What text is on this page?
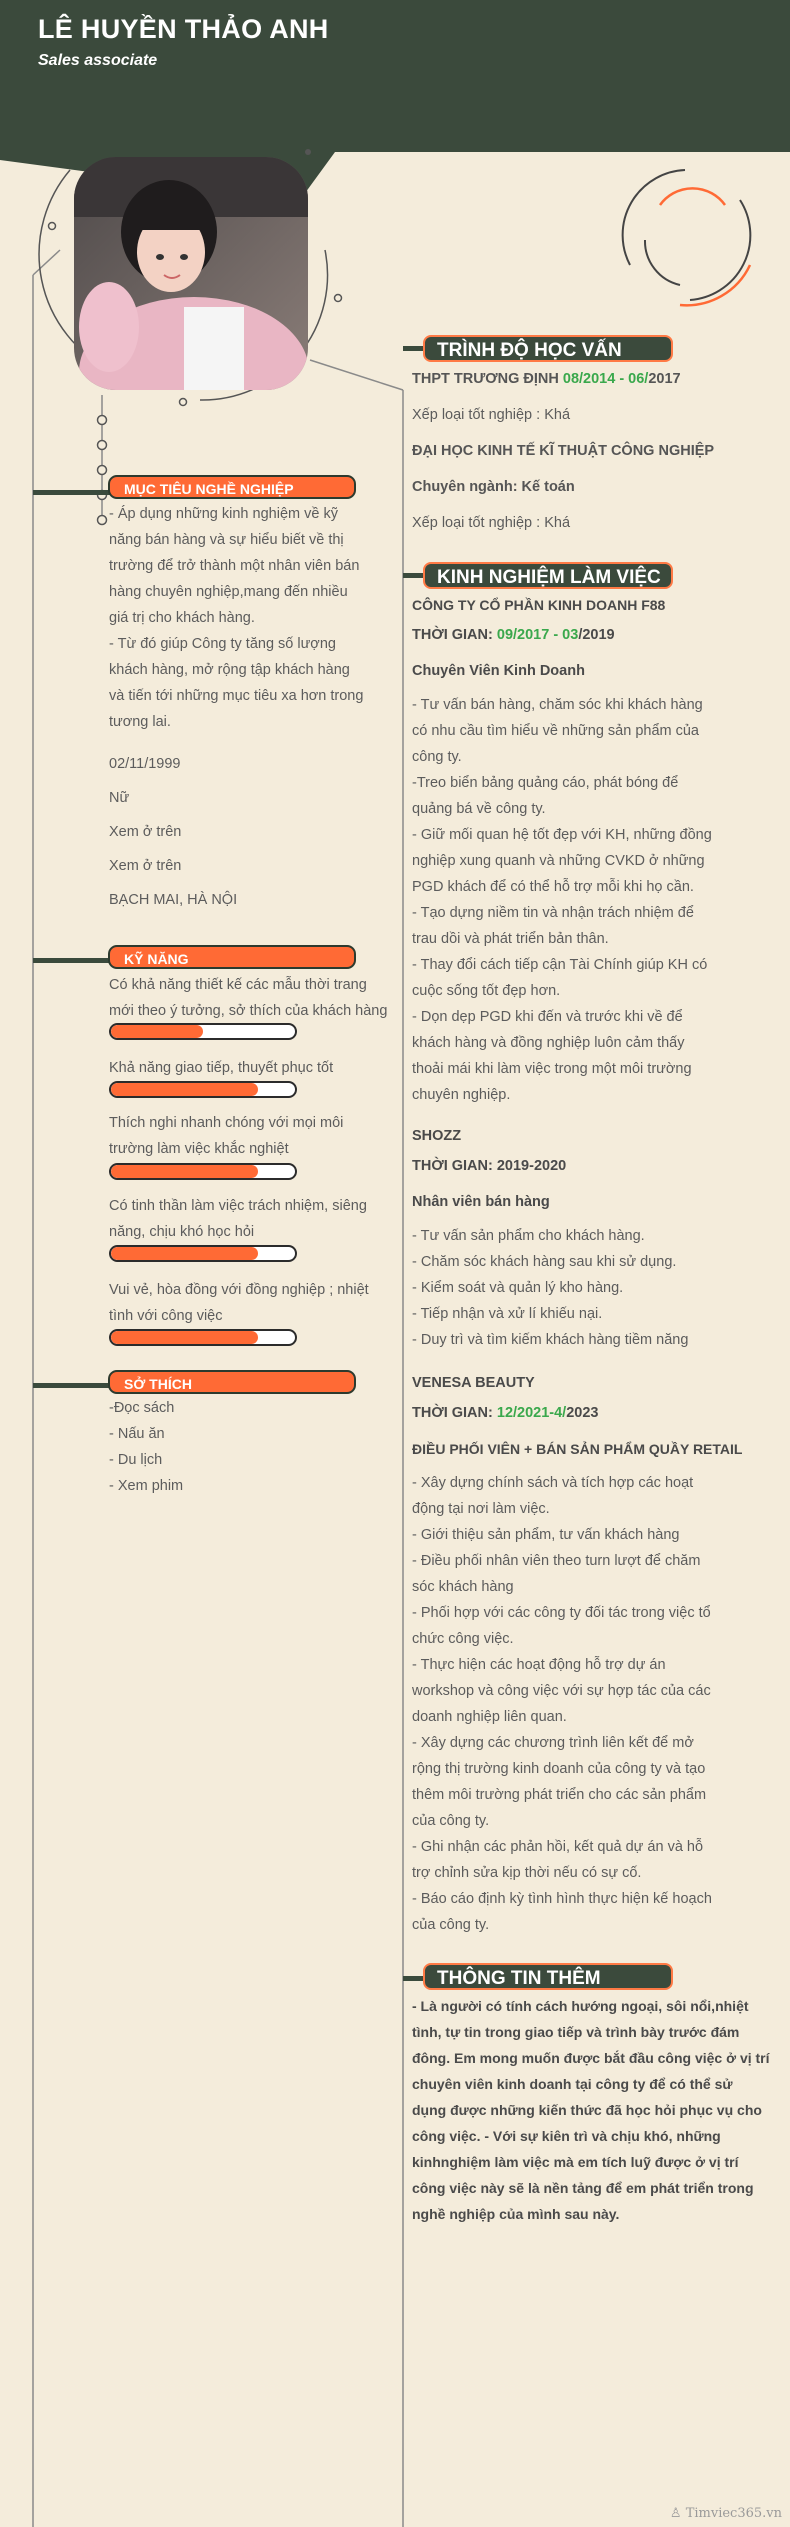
LÊ HUYỀN THẢO ANH
Sales associate
MỤC TIÊU NGHỀ NGHIỆP
- Áp dụng những kinh nghiệm về kỹ
năng bán hàng và sự hiểu biết về thị
trường để trở thành một nhân viên bán
hàng chuyên nghiệp,mang đến nhiều
giá trị cho khách hàng.
- Từ đó giúp Công ty tăng số lượng
khách hàng, mở rộng tập khách hàng
và tiến tới những mục tiêu xa hơn trong
tương lai.
02/11/1999
Nữ
Xem ở trên
Xem ở trên
BẠCH MAI, HÀ NỘI
KỸ NĂNG
Có khả năng thiết kế các mẫu thời trang
mới theo ý tưởng, sở thích của khách hàng
Khả năng giao tiếp, thuyết phục tốt
Thích nghi nhanh chóng với mọi môi
trường làm việc khắc nghiệt
Có tinh thần làm việc trách nhiệm, siêng
năng, chịu khó học hỏi
Vui vẻ, hòa đồng với đồng nghiệp ; nhiệt
tình với công việc
SỞ THÍCH
-Đọc sách
- Nấu ăn
- Du lịch
- Xem phim
TRÌNH ĐỘ HỌC VẤN

THPT TRƯƠNG ĐỊNH 08/2014 - 06/2017

Xếp loại tốt nghiệp : Khá

ĐẠI HỌC KINH TẾ KĨ THUẬT CÔNG NGHIỆP

Chuyên ngành: Kế toán

Xếp loại tốt nghiệp : Khá

KINH NGHIỆM LÀM VIỆC

CÔNG TY CỔ PHẦN KINH DOANH F88

THỜI GIAN: 09/2017 - 03/2019

Chuyên Viên Kinh Doanh

- Tư vấn bán hàng, chăm sóc khi khách hàng
có nhu cầu tìm hiểu về những sản phẩm của
công ty.
-Treo biển bảng quảng cáo, phát bóng để
quảng bá về công ty.
- Giữ mối quan hệ tốt đẹp với KH, những đồng
nghiệp xung quanh và những CVKD ở những
PGD khách để có thể hỗ trợ mỗi khi họ cần.
- Tạo dựng niềm tin và nhận trách nhiệm để
trau dồi và phát triển bản thân.
- Thay đổi cách tiếp cận Tài Chính giúp KH có
cuộc sống tốt đẹp hơn.
- Dọn dẹp PGD khi đến và trước khi về để
khách hàng và đồng nghiệp luôn cảm thấy
thoải mái khi làm việc trong một môi trường
chuyên nghiệp.

SHOZZ

THỜI GIAN: 2019-2020

Nhân viên bán hàng

- Tư vấn sản phẩm cho khách hàng.
- Chăm sóc khách hàng sau khi sử dụng.
- Kiểm soát và quản lý kho hàng.
- Tiếp nhận và xử lí khiếu nại.
- Duy trì và tìm kiếm khách hàng tiềm năng

VENESA BEAUTY

THỜI GIAN: 12/2021-4/2023

ĐIỀU PHỐI VIÊN + BÁN SẢN PHẨM QUẦY RETAIL

- Xây dựng chính sách và tích hợp các hoạt
động tại nơi làm việc.
- Giới thiệu sản phẩm, tư vấn khách hàng
- Điều phối nhân viên theo turn lượt để chăm
sóc khách hàng
- Phối hợp với các công ty đối tác trong việc tổ
chức công việc.
- Thực hiện các hoạt động hỗ trợ dự án
workshop và công việc với sự hợp tác của các
doanh nghiệp liên quan.
- Xây dựng các chương trình liên kết để mở
rộng thị trường kinh doanh của công ty và tạo
thêm môi trường phát triển cho các sản phẩm
của công ty.
- Ghi nhận các phản hồi, kết quả dự án và hỗ
trợ chỉnh sửa kịp thời nếu có sự cố.
- Báo cáo định kỳ tình hình thực hiện kế hoạch
của công ty.
THÔNG TIN THÊM
- Là người có tính cách hướng ngoại, sôi nổi,nhiệt
tình, tự tin trong giao tiếp và trình bày trước đám
đông. Em mong muốn được bắt đầu công việc ở vị trí
chuyên viên kinh doanh tại công ty để có thể sử
dụng được những kiến thức đã học hỏi phục vụ cho
công việc. - Với sự kiên trì và chịu khó, những
kinhnghiệm làm việc mà em tích luỹ được ở vị trí
công việc này sẽ là nền tảng để em phát triển trong
nghề nghiệp của mình sau này.
♙ Timviec365.vn
